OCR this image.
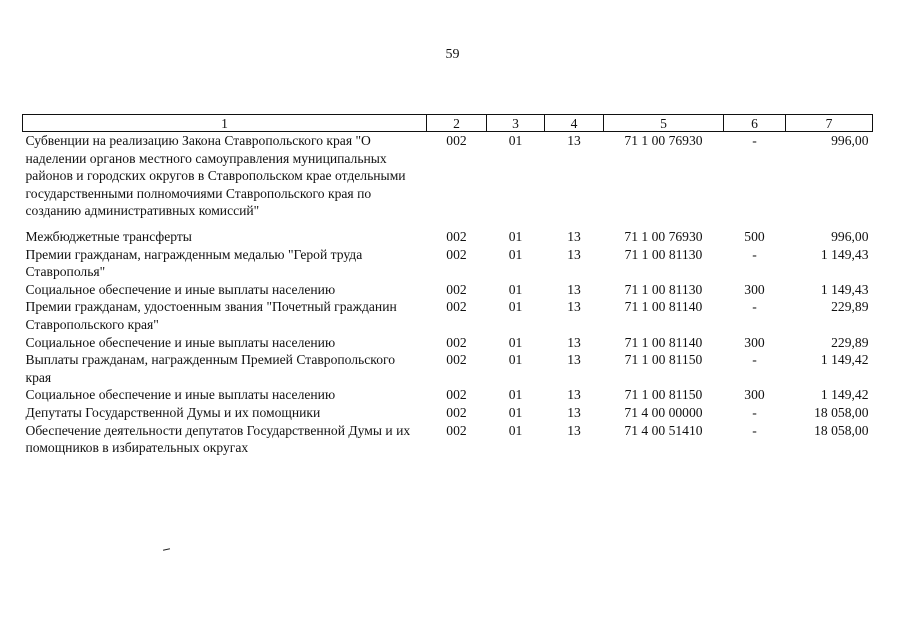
59
1	2	3	4	5	6	7
Субвенции на реализацию Закона Ставропольского края "О наделении органов местного самоуправления муниципальных районов и городских округов в Ставропольском крае отдельными государственными полномочиями Ставропольского края по созданию административных комиссий"	002	01	13	71 1 00 76930	-	996,00
Межбюджетные трансферты	002	01	13	71 1 00 76930	500	996,00
Премии гражданам, награжденным медалью "Герой труда Ставрополья"	002	01	13	71 1 00 81130	-	1 149,43
Социальное обеспечение и иные выплаты населению	002	01	13	71 1 00 81130	300	1 149,43
Премии гражданам, удостоенным звания "Почетный гражданин Ставропольского края"	002	01	13	71 1 00 81140	-	229,89
Социальное обеспечение и иные выплаты населению	002	01	13	71 1 00 81140	300	229,89
Выплаты гражданам, награжденным Премией Ставропольского края	002	01	13	71 1 00 81150	-	1 149,42
Социальное обеспечение и иные выплаты населению	002	01	13	71 1 00 81150	300	1 149,42
Депутаты Государственной Думы и их помощники	002	01	13	71 4 00 00000	-	18 058,00
Обеспечение деятельности депутатов Государственной Думы и их помощников в избирательных округах	002	01	13	71 4 00 51410	-	18 058,00
